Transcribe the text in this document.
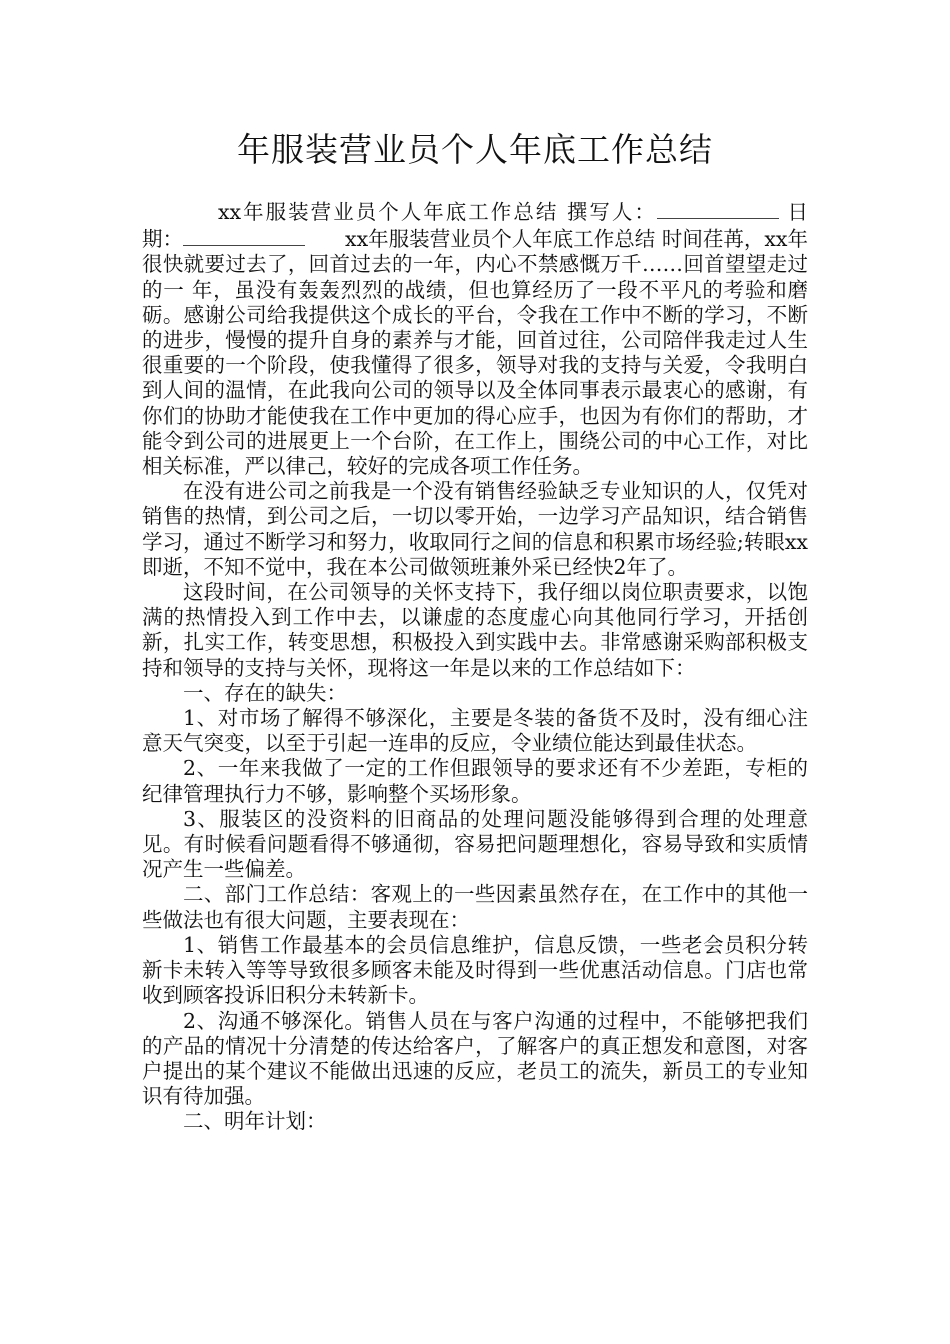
年服装营业员个人年底工作总结

xx年服装营业员个人年底工作总结 撰写人：	日 期：	xx年服装营业员个人年底工作总结 时间荏苒，xx年很快就要过去了，回首过去的一年，内心不禁感慨万千……回首望望走过的一 年，虽没有轰轰烈烈的战绩，但也算经历了一段不平凡的考验和磨砺。感谢公司给我提供这个成长的平台，令我在工作中不断的学习，不断的进步，慢慢的提升自身的素养与才能，回首过往，公司陪伴我走过人生很重要的一个阶段，使我懂得了很多，领导对我的支持与关爱，令我明白到人间的温情，在此我向公司的领导以及全体同事表示最衷心的感谢，有你们的协助才能使我在工作中更加的得心应手，也因为有你们的帮助，才能令到公司的进展更上一个台阶，在工作上，围绕公司的中心工作，对比相关标准，严以律己，较好的完成各项工作任务。

在没有进公司之前我是一个没有销售经验缺乏专业知识的人，仅凭对销售的热情，到公司之后，一切以零开始，一边学习产品知识，结合销售学习，通过不断学习和努力，收取同行之间的信息和积累市场经验;转眼xx即逝，不知不觉中，我在本公司做领班兼外采已经快2年了。

这段时间，在公司领导的关怀支持下，我仔细以岗位职责要求，以饱满的热情投入到工作中去，以谦虚的态度虚心向其他同行学习，开括创新，扎实工作，转变思想，积极投入到实践中去。非常感谢采购部积极支持和领导的支持与关怀，现将这一年是以来的工作总结如下：

一、存在的缺失：

1、对市场了解得不够深化，主要是冬装的备货不及时，没有细心注意天气突变，以至于引起一连串的反应，令业绩位能达到最佳状态。

2、一年来我做了一定的工作但跟领导的要求还有不少差距，专柜的纪律管理执行力不够，影响整个买场形象。

3、服装区的没资料的旧商品的处理问题没能够得到合理的处理意见。有时候看问题看得不够通彻，容易把问题理想化，容易导致和实质情况产生一些偏差。

二、部门工作总结：客观上的一些因素虽然存在，在工作中的其他一些做法也有很大问题，主要表现在：

1、销售工作最基本的会员信息维护，信息反馈，一些老会员积分转新卡未转入等等导致很多顾客未能及时得到一些优惠活动信息。门店也常收到顾客投诉旧积分未转新卡。

2、沟通不够深化。销售人员在与客户沟通的过程中，不能够把我们的产品的情况十分清楚的传达给客户，了解客户的真正想发和意图，对客户提出的某个建议不能做出迅速的反应，老员工的流失，新员工的专业知识有待加强。

二、明年计划：
